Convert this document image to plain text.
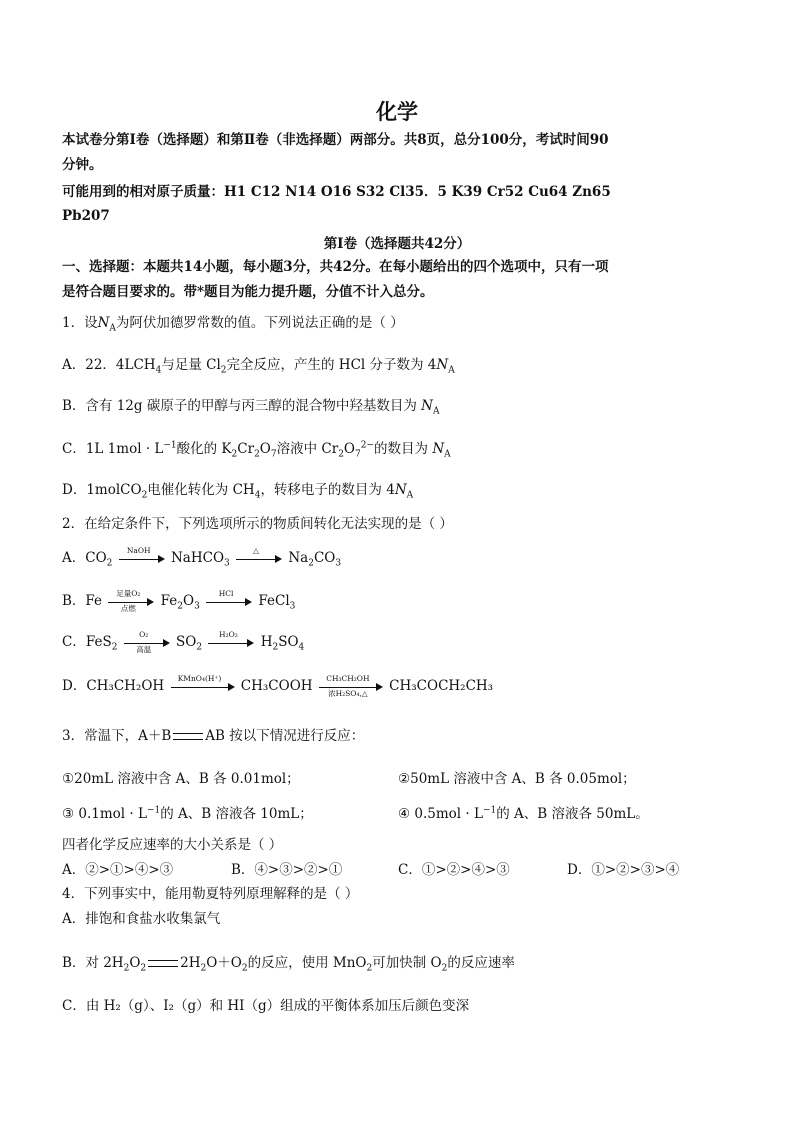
化学
本试卷分第Ⅰ卷（选择题）和第Ⅱ卷（非选择题）两部分。共8页，总分100分，考试时间90
分钟。
可能用到的相对原子质量：H1 C12 N14 O16 S32 Cl35．5 K39 Cr52 Cu64 Zn65
Pb207
第Ⅰ卷（选择题共42分）
一、选择题：本题共14小题，每小题3分，共42分。在每小题给出的四个选项中，只有一项
是符合题目要求的。带*题目为能力提升题，分值不计入总分。
1．设$N_A$为阿伏加德罗常数的值。下列说法正确的是（ ）
A．22．$4LCH_4$与足量 $Cl_2$完全反应，产生的 HCl 分子数为 $4N_A$
B．含有 12g 碳原子的甲醇与丙三醇的混合物中羟基数目为 $N_A$
C．1L $1mol \cdot L^{-1}$酸化的 $K_2Cr_2O_7$溶液中 $Cr_2O_7^{2-}$的数目为 $N_A$
D．1molCO$_2$电催化转化为 $CH_4$，转移电子的数目为 $4N_A$
2．在给定条件下，下列选项所示的物质间转化无法实现的是（ ）
A．$CO_2$
NaOH	NaHCO$_3$
△	$Na_2CO_3$
B．Fe	足量O₂
点燃	$Fe_2O_3$
HCl	FeCl$_3$
C．FeS$_2$
O₂
高温	$SO_2$
H₂O₂	$H_2SO_4$
D．CH₃CH₂OH	KMnO₄(H⁺)	CH₃COOH	CH₃CH₂OH
浓H₂SO₄,△	CH₃COCH₂CH₃
3．常温下，A＋B	AB 按以下情况进行反应：
①20mL 溶液中含 A、B 各 0.01mol；	②50mL 溶液中含 A、B 各 0.05mol；
③ $0.1mol \cdot L^{-1}$的 A、B 溶液各 10mL；	④ $0.5mol \cdot L^{-1}$的 A、B 溶液各 50mL。
四者化学反应速率的大小关系是（ ）
A．②>①>④>③	B．④>③>②>①	C．①>②>④>③	D．①>②>③>④
4．下列事实中，能用勒夏特列原理解释的是（ ）
A．排饱和食盐水收集氯气
B．对 $2H_2O_2$	$2H_2O+O_2$的反应，使用 MnO$_2$可加快制 $O_2$的反应速率
C．由 H₂（g）、I₂（g）和 HI（g）组成的平衡体系加压后颜色变深
